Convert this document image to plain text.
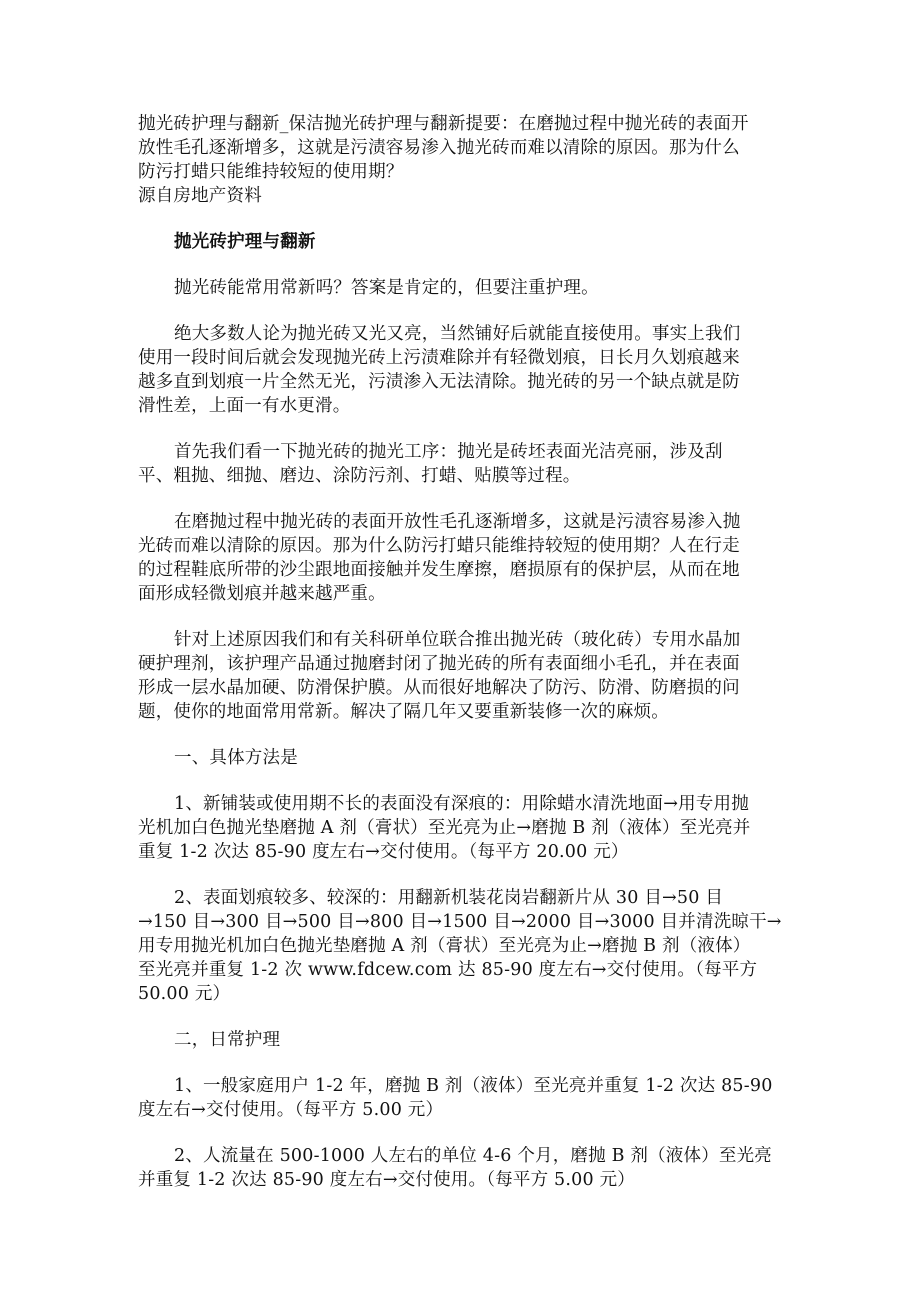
抛光砖护理与翻新_保洁抛光砖护理与翻新提要：在磨抛过程中抛光砖的表面开
放性毛孔逐渐增多，这就是污渍容易渗入抛光砖而难以清除的原因。那为什么
防污打蜡只能维持较短的使用期？
源自房地产资料
抛光砖护理与翻新
抛光砖能常用常新吗？答案是肯定的，但要注重护理。
绝大多数人论为抛光砖又光又亮，当然铺好后就能直接使用。事实上我们
使用一段时间后就会发现抛光砖上污渍难除并有轻微划痕，日长月久划痕越来
越多直到划痕一片全然无光，污渍渗入无法清除。抛光砖的另一个缺点就是防
滑性差，上面一有水更滑。
首先我们看一下抛光砖的抛光工序：抛光是砖坯表面光洁亮丽，涉及刮
平、粗抛、细抛、磨边、涂防污剂、打蜡、贴膜等过程。
在磨抛过程中抛光砖的表面开放性毛孔逐渐增多，这就是污渍容易渗入抛
光砖而难以清除的原因。那为什么防污打蜡只能维持较短的使用期？人在行走
的过程鞋底所带的沙尘跟地面接触并发生摩擦，磨损原有的保护层，从而在地
面形成轻微划痕并越来越严重。
针对上述原因我们和有关科研单位联合推出抛光砖（玻化砖）专用水晶加
硬护理剂，该护理产品通过抛磨封闭了抛光砖的所有表面细小毛孔，并在表面
形成一层水晶加硬、防滑保护膜。从而很好地解决了防污、防滑、防磨损的问
题，使你的地面常用常新。解决了隔几年又要重新装修一次的麻烦。
一、具体方法是
1、新铺装或使用期不长的表面没有深痕的：用除蜡水清洗地面→用专用抛
光机加白色抛光垫磨抛 A 剂（膏状）至光亮为止→磨抛 B 剂（液体）至光亮并
重复 1-2 次达 85-90 度左右→交付使用。（每平方 20.00 元）
2、表面划痕较多、较深的：用翻新机装花岗岩翻新片从 30 目→50 目
→150 目→300 目→500 目→800 目→1500 目→2000 目→3000 目并清洗晾干→
用专用抛光机加白色抛光垫磨抛 A 剂（膏状）至光亮为止→磨抛 B 剂（液体）
至光亮并重复 1-2 次 www.fdcew.com 达 85-90 度左右→交付使用。（每平方
50.00 元）
二，日常护理
1、一般家庭用户 1-2 年，磨抛 B 剂（液体）至光亮并重复 1-2 次达 85-90
度左右→交付使用。（每平方 5.00 元）
2、人流量在 500-1000 人左右的单位 4-6 个月，磨抛 B 剂（液体）至光亮
并重复 1-2 次达 85-90 度左右→交付使用。（每平方 5.00 元）
